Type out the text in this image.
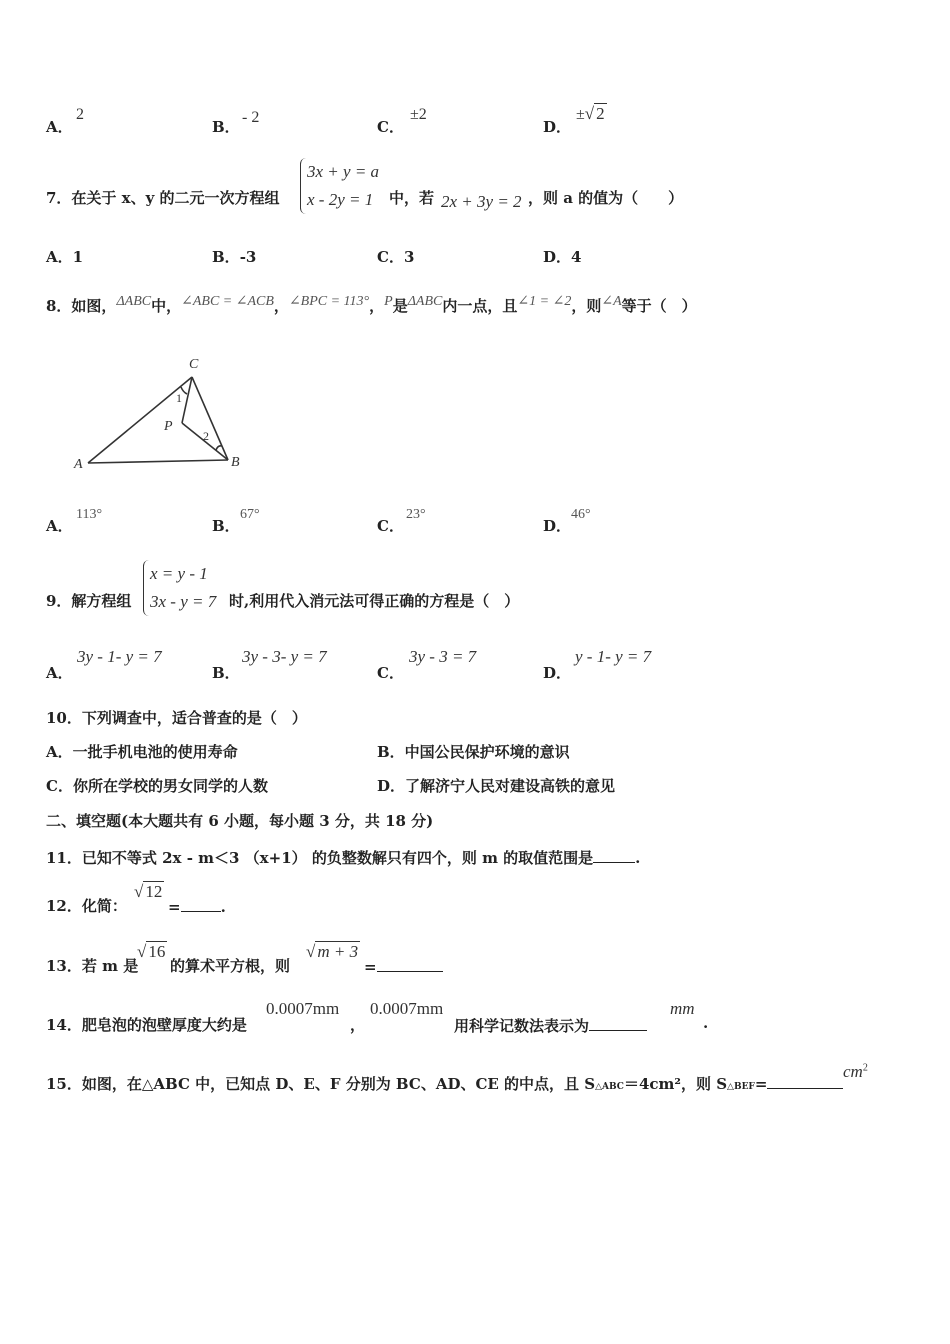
A．
2
B．
- 2
C．
±2
D．
±√ 2
7．在关于 x、y 的二元一次方程组
3x + y = a
x - 2y = 1	中，若 2x + 3y = 2 ，则 a 的值为（　　）
A．1	B．-3	C．3	D．4
8．如图，ΔABC中，∠ABC = ∠ACB，∠BPC = 113°，P是ΔABC内一点，且∠1 = ∠2，则∠A等于（　）
A	B
C
P
1
2
A．
113°
B．
67°
C．
23°
D．
46°
9．解方程组
x = y - 1
3x - y = 7 时,利用代入消元法可得正确的方程是（　）
A．
3y - 1- y = 7
B．
3y - 3- y = 7
C．
3y - 3 = 7
D．
y - 1- y = 7
10．下列调查中，适合普查的是（　）
A．一批手机电池的使用寿命	B．中国公民保护环境的意识
C．你所在学校的男女同学的人数	D．了解济宁人民对建设高铁的意见
二、填空题(本大题共有 6 小题，每小题 3 分，共 18 分)
11．已知不等式 2x - m＜3 （x+1） 的负整数解只有四个，则 m 的取值范围是	.
12．化简：
√ 12
=	.
13．若 m 是
√ 16
的算术平方根，则
√ m + 3
=
14．肥皂泡的泡壁厚度大约是
0.0007mm
，
0.0007mm
用科学记数法表示为
mm
.
15．如图，在△ABC 中，已知点 D、E、F 分别为 BC、AD、CE 的中点，且 S△ABC＝4cm²，则 S△BEF=
$cm^2$
